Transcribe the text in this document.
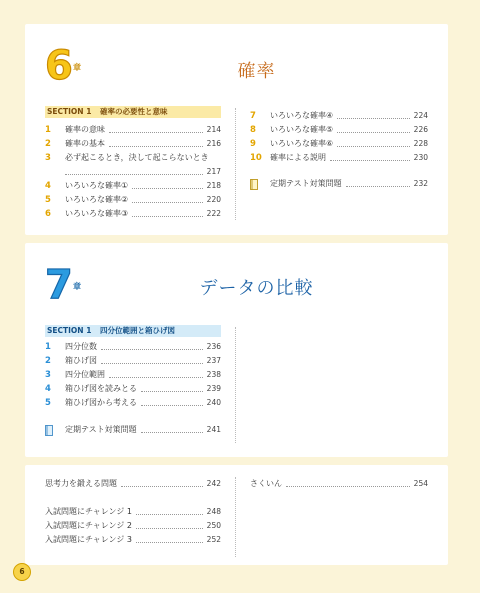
6 章	確率
SECTION 1 確率の必要性と意味
1	確率の意味	214
2	確率の基本	216
3	必ず起こるとき，決して起こらないとき
217
4	いろいろな確率①	218
5	いろいろな確率②	220
6	いろいろな確率③	222
7	いろいろな確率④	224
8	いろいろな確率⑤	226
9	いろいろな確率⑥	228
10	確率による説明	230
定期テスト対策問題	232
7 章	データの比較
SECTION 1 四分位範囲と箱ひげ図
1	四分位数	236
2	箱ひげ図	237
3	四分位範囲	238
4	箱ひげ図を読みとる	239
5	箱ひげ図から考える	240
定期テスト対策問題	241
思考力を鍛える問題	242
入試問題にチャレンジ 1	248
入試問題にチャレンジ 2	250
入試問題にチャレンジ 3	252
さくいん	254
6
